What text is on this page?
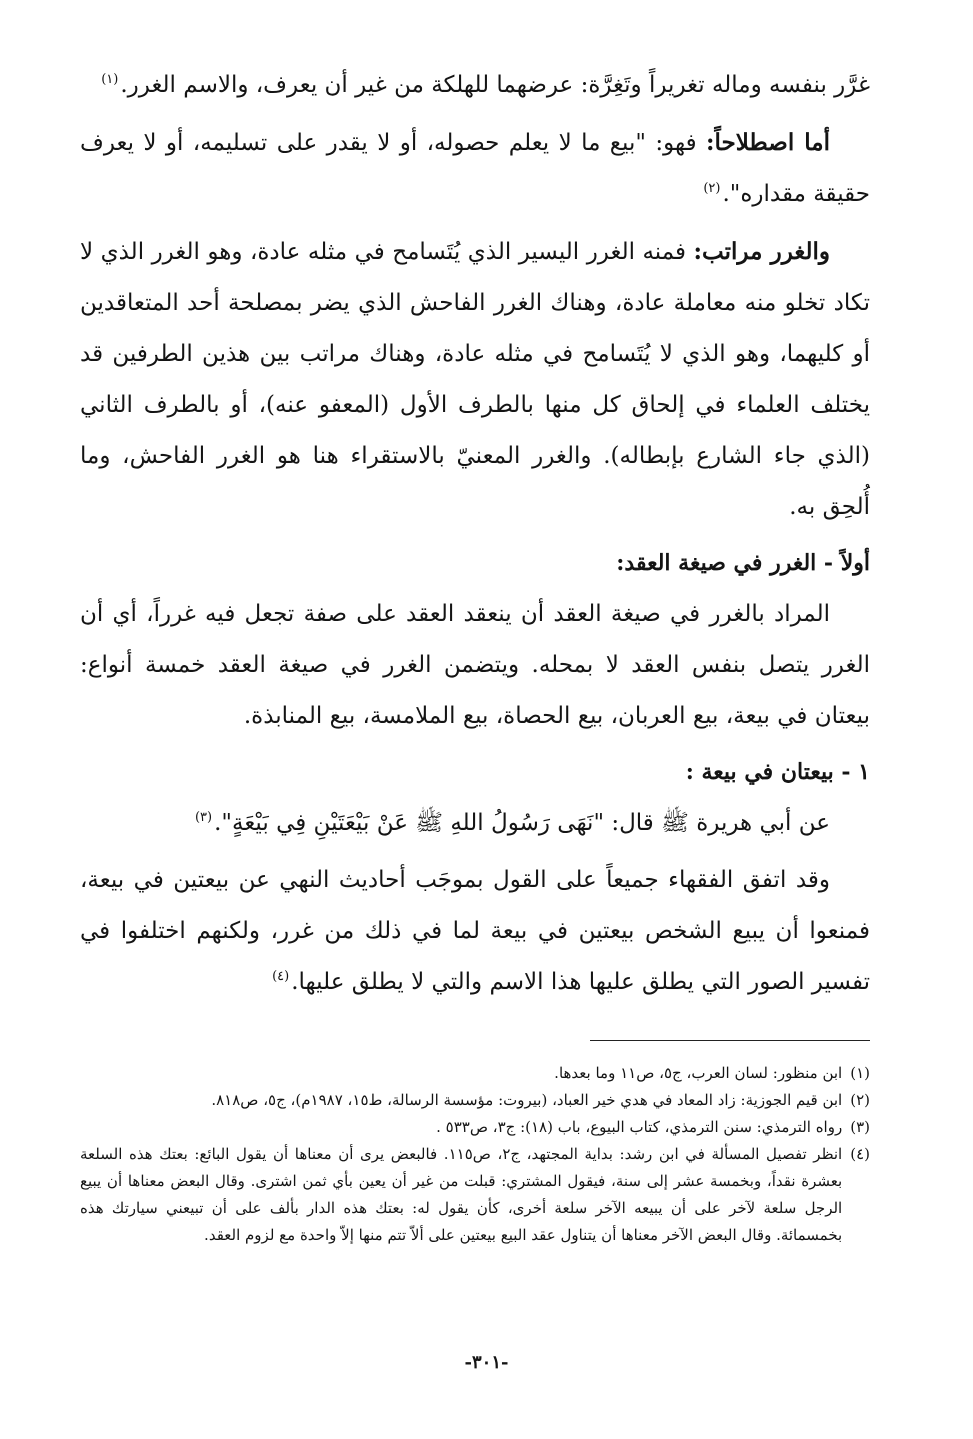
غرَّر بنفسه وماله تغريراً وتَغِرَّة: عرضهما للهلكة من غير أن يعرف، والاسم الغرر.$^{(١)}$

أما اصطلاحاً: فهو: "بيع ما لا يعلم حصوله، أو لا يقدر على تسليمه، أو لا يعرف حقيقة مقداره".$^{(٢)}$

والغرر مراتب: فمنه الغرر اليسير الذي يُتَسامح في مثله عادة، وهو الغرر الذي لا تكاد تخلو منه معاملة عادة، وهناك الغرر الفاحش الذي يضر بمصلحة أحد المتعاقدين أو كليهما، وهو الذي لا يُتَسامح في مثله عادة، وهناك مراتب بين هذين الطرفين قد يختلف العلماء في إلحاق كل منها بالطرف الأول (المعفو عنه)، أو بالطرف الثاني (الذي جاء الشارع بإبطاله). والغرر المعنيّ بالاستقراء هنا هو الغرر الفاحش، وما أُلحِق به.

أولاً - الغرر في صيغة العقد:

المراد بالغرر في صيغة العقد أن ينعقد العقد على صفة تجعل فيه غرراً، أي أن الغرر يتصل بنفس العقد لا بمحله. ويتضمن الغرر في صيغة العقد خمسة أنواع: بيعتان في بيعة، بيع العربان، بيع الحصاة، بيع الملامسة، بيع المنابذة.

١ - بيعتان في بيعة :

عن أبي هريرة ﷺ قال: "نَهَى رَسُولُ اللهِ ﷺ عَنْ بَيْعَتَيْنِ فِي بَيْعَةٍ".$^{(٣)}$

وقد اتفق الفقهاء جميعاً على القول بموجَب أحاديث النهي عن بيعتين في بيعة، فمنعوا أن يبيع الشخص بيعتين في بيعة لما في ذلك من غرر، ولكنهم اختلفوا في تفسير الصور التي يطلق عليها هذا الاسم والتي لا يطلق عليها.$^{(٤)}$

(١)
ابن منظور: لسان العرب، ج٥، ص١١ وما بعدها.
(٢)
ابن قيم الجوزية: زاد المعاد في هدي خير العباد، (بيروت: مؤسسة الرسالة، ط١٥، ١٩٨٧م)، ج٥، ص٨١٨.
(٣)
رواه الترمذي: سنن الترمذي، كتاب البيوع، باب (١٨): ج٣، ص٥٣٣ .
(٤)
انظر تفصيل المسألة في ابن رشد: بداية المجتهد، ج٢، ص١١٥. فالبعض يرى أن معناها أن يقول البائع: بعتك هذه السلعة بعشرة نقداً، وبخمسة عشر إلى سنة، فيقول المشتري: قبلت من غير أن يعين بأي ثمن اشترى. وقال البعض معناها أن يبيع الرجل سلعة لآخر على أن يبيعه الآخر سلعة أخرى، كأن يقول له: بعتك هذه الدار بألف على أن تبيعني سيارتك هذه بخمسمائة. وقال البعض الآخر معناها أن يتناول عقد البيع بيعتين على ألاّ تتم منها إلاّ واحدة مع لزوم العقد.
-٣٠١-
